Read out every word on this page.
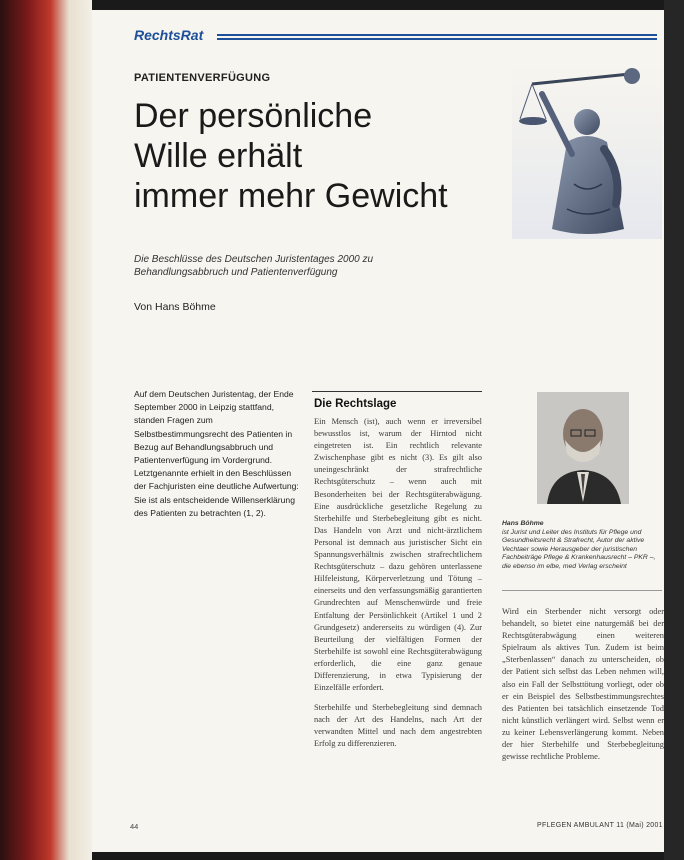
RechtsRat
PATIENTENVERFÜGUNG
Der persönliche
Wille erhält
immer mehr Gewicht
Die Beschlüsse des Deutschen Juristentages 2000 zu Behandlungsabbruch und Patientenverfügung
Von Hans Böhme
Auf dem Deutschen Juristentag, der Ende September 2000 in Leipzig stattfand, standen Fragen zum Selbstbestimmungsrecht des Patienten in Bezug auf Behandlungsabbruch und Patientenverfügung im Vordergrund. Letztgenannte erhielt in den Beschlüssen der Fachjuristen eine deutliche Aufwertung: Sie ist als entscheidende Willenserklärung des Patienten zu betrachten (1, 2).
Die Rechtslage

Ein Mensch (ist), auch wenn er irreversibel bewusstlos ist, warum der Hirntod nicht eingetreten ist. Ein rechtlich relevante Zwischenphase gibt es nicht (3). Es gilt also uneingeschränkt der strafrechtliche Rechtsgüterschutz – wenn auch mit Besonderheiten bei der Rechtsgüterabwägung. Eine ausdrückliche gesetzliche Regelung zu Sterbehilfe und Sterbebegleitung gibt es nicht. Das Handeln von Arzt und nicht-ärztlichem Personal ist demnach aus juristischer Sicht ein Spannungsverhältnis zwischen strafrechtlichem Rechtsgüterschutz – dazu gehören unterlassene Hilfeleistung, Körperverletzung und Tötung – einerseits und den verfassungsmäßig garantierten Grundrechten auf Menschenwürde und freie Entfaltung der Persönlichkeit (Artikel 1 und 2 Grundgesetz) andererseits zu würdigen (4). Zur Beurteilung der vielfältigen Formen der Sterbehilfe ist sowohl eine Rechtsgüterabwägung erforderlich, die eine ganz genaue Differenzierung, in etwa Typisierung der Einzelfälle erfordert.

Sterbehilfe und Sterbebegleitung sind demnach nach der Art des Handelns, nach Art der verwandten Mittel und nach dem angestrebten Erfolg zu differenzieren.

Hans Böhme
ist Jurist und Leiter des Instituts für Pflege und Gesundheitsrecht & Strafrecht, Autor der aktive Vechtaer sowie Herausgeber der juristischen Fachbeiträge Pflege & Krankenhausrecht – PKR –, die ebenso im elbe, med Verlag erscheint
Wird ein Sterbender nicht versorgt oder behandelt, so bietet eine naturgemäß bei der Rechtsgüterabwägung einen weiteren Spielraum als aktives Tun. Zudem ist beim „Sterbenlassen“ danach zu unterscheiden, ob der Patient sich selbst das Leben nehmen will, also ein Fall der Selbsttötung vorliegt, oder ob er ein Beispiel des Selbstbestimmungsrechtes des Patienten bei tatsächlich einsetzende Tod nicht künstlich verlängert wird. Selbst wenn er zu keiner Lebensverlängerung kommt. Neben der hier Sterbehilfe und Sterbebegleitung gewisse rechtliche Probleme.
44	PFLEGEN AMBULANT 11 (Mai) 2001
